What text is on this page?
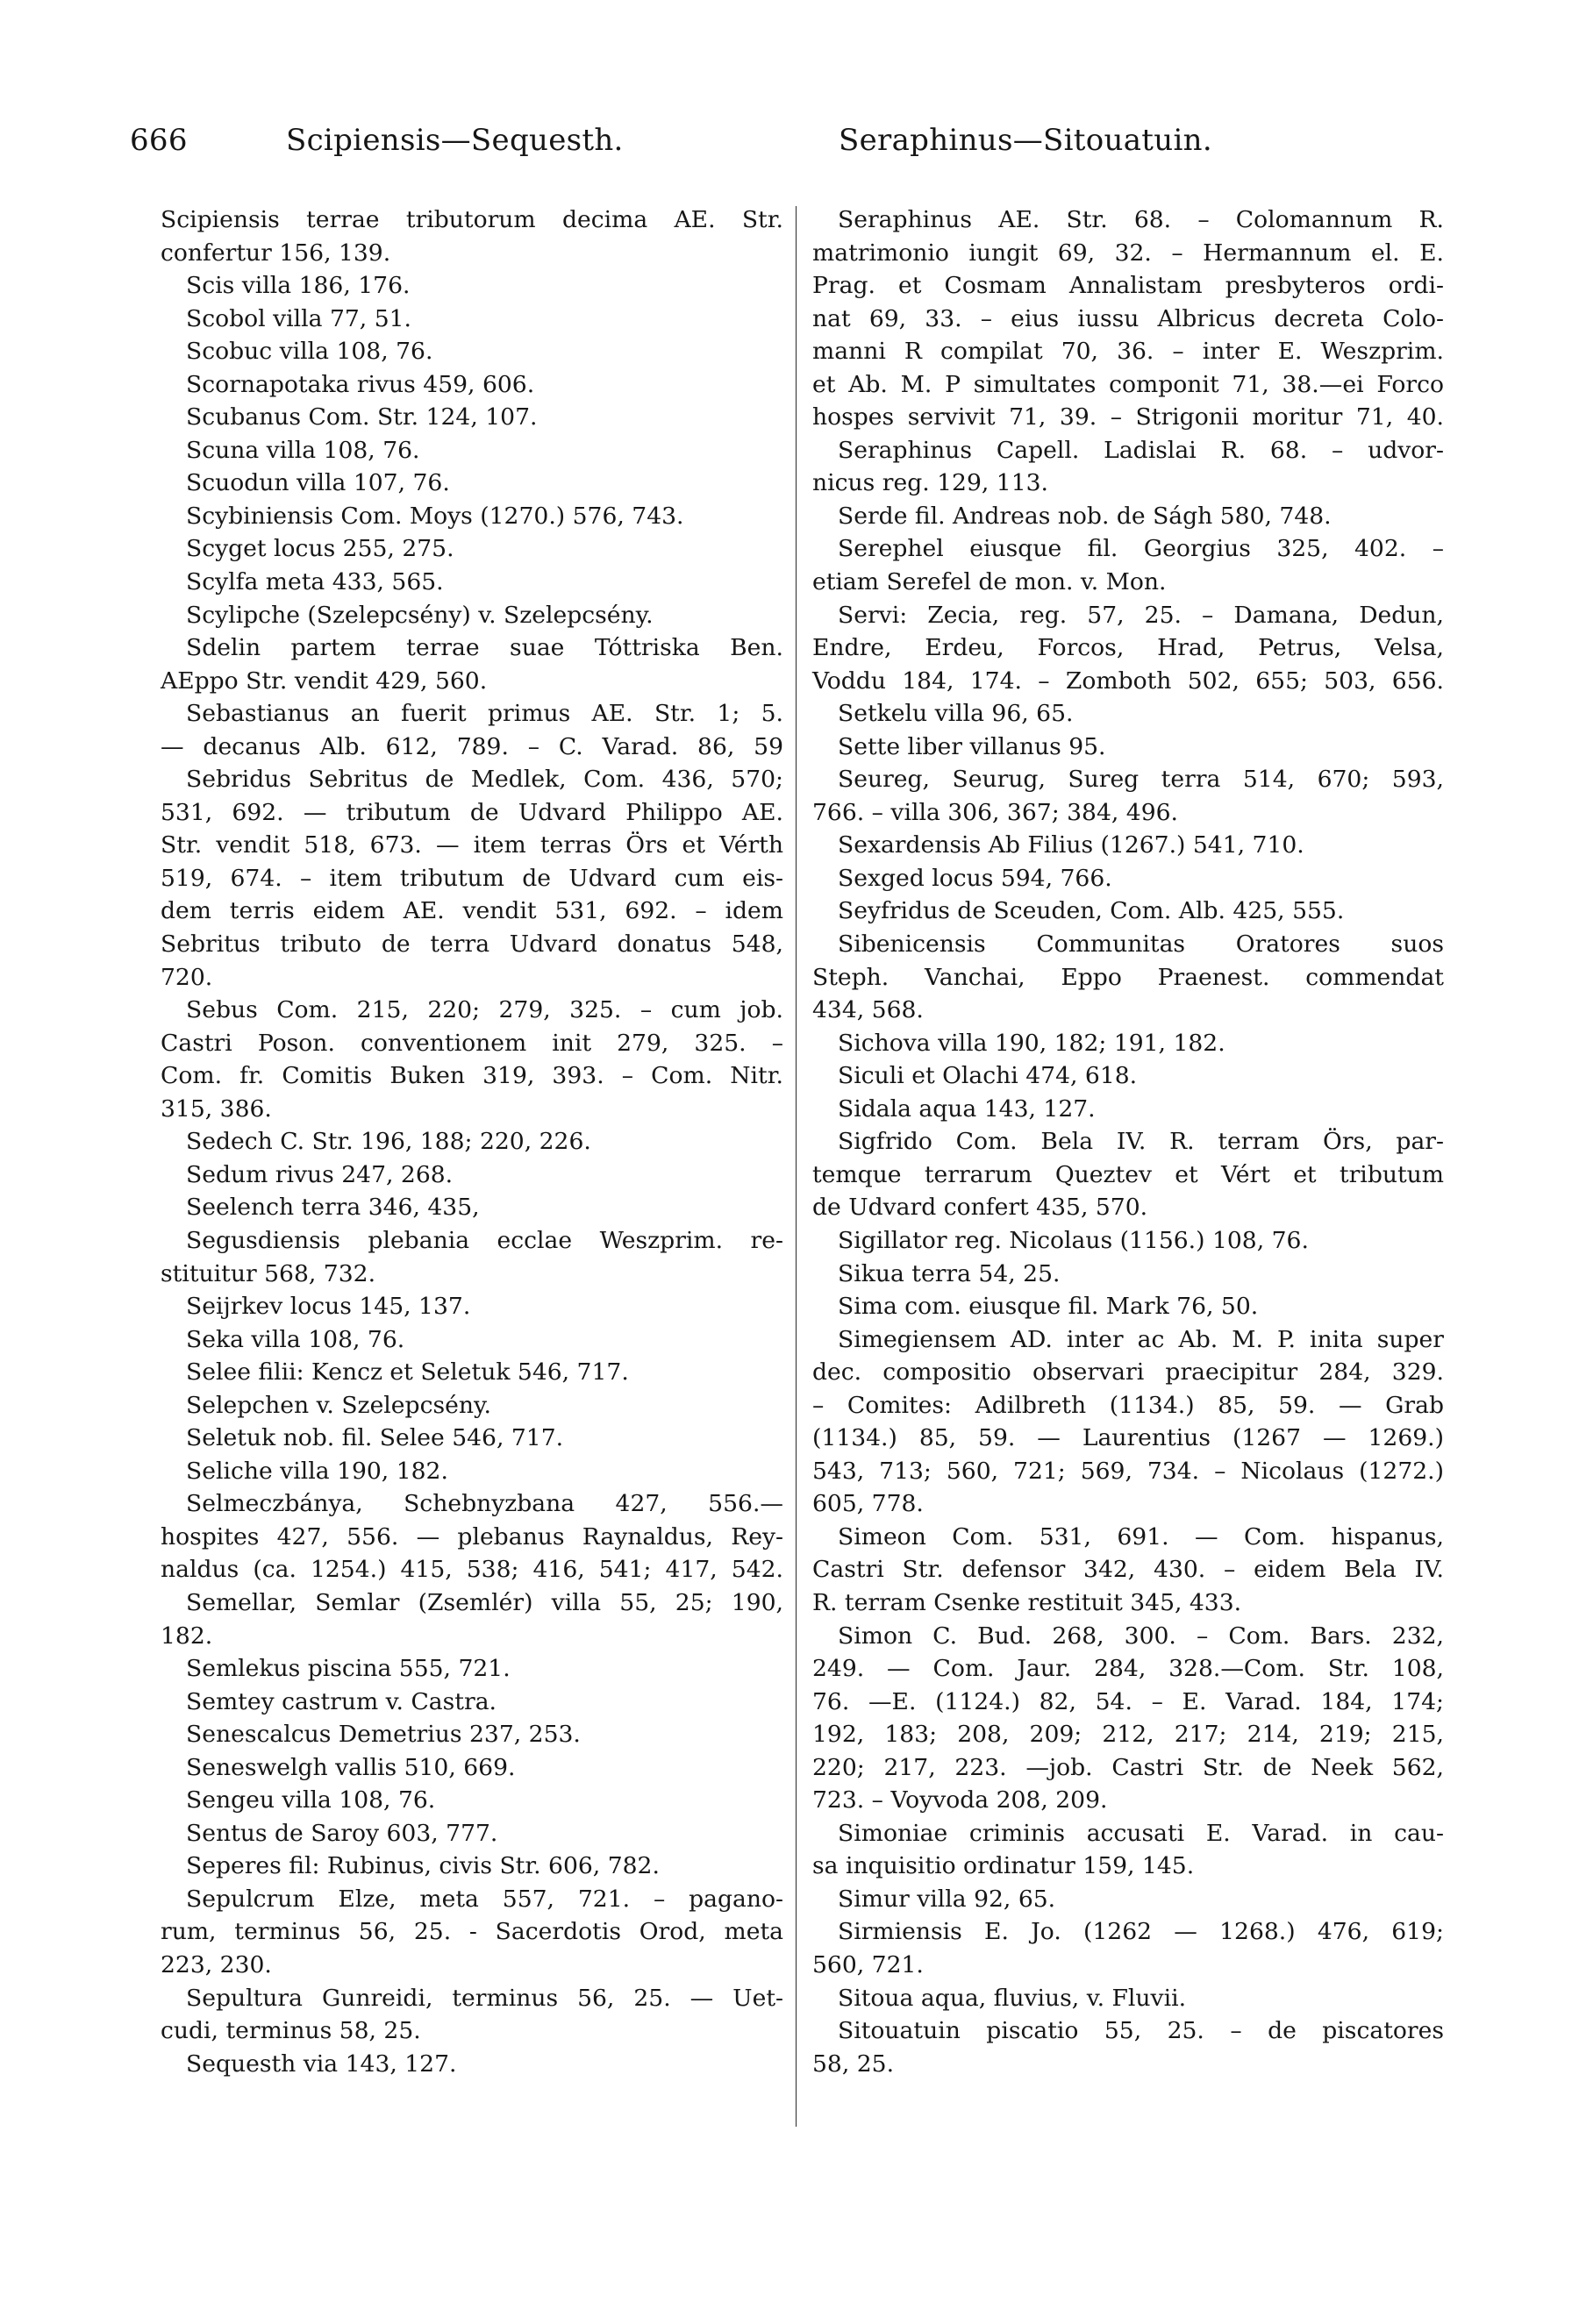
666	Scipiensis—Sequesth.	Seraphinus—Sitouatuin.
Scipiensis terrae tributorum decima AE. Str.
confertur 156, 139.
Scis villa 186, 176.
Scobol villa 77, 51.
Scobuc villa 108, 76.
Scornapotaka rivus 459, 606.
Scubanus Com. Str. 124, 107.
Scuna villa 108, 76.
Scuodun villa 107, 76.
Scybiniensis Com. Moys (1270.) 576, 743.
Scyget locus 255, 275.
Scylfa meta 433, 565.
Scylipche (Szelepcsény) v. Szelepcsény.
Sdelin partem terrae suae Tóttriska Ben.
AEppo Str. vendit 429, 560.
Sebastianus an fuerit primus AE. Str. 1; 5.
— decanus Alb. 612, 789. – C. Varad. 86, 59
Sebridus Sebritus de Medlek, Com. 436, 570;
531, 692. — tributum de Udvard Philippo AE.
Str. vendit 518, 673. — item terras Örs et Vérth
519, 674. – item tributum de Udvard cum eis-
dem terris eidem AE. vendit 531, 692. – idem
Sebritus tributo de terra Udvard donatus 548,
720.
Sebus Com. 215, 220; 279, 325. – cum job.
Castri Poson. conventionem init 279, 325. –
Com. fr. Comitis Buken 319, 393. – Com. Nitr.
315, 386.
Sedech C. Str. 196, 188; 220, 226.
Sedum rivus 247, 268.
Seelench terra 346, 435,
Segusdiensis plebania ecclae Weszprim. re-
stituitur 568, 732.
Seijrkev locus 145, 137.
Seka villa 108, 76.
Selee filii: Kencz et Seletuk 546, 717.
Selepchen v. Szelepcsény.
Seletuk nob. fil. Selee 546, 717.
Seliche villa 190, 182.
Selmeczbánya, Schebnyzbana 427, 556.—
hospites 427, 556. — plebanus Raynaldus, Rey-
naldus (ca. 1254.) 415, 538; 416, 541; 417, 542.
Semellar, Semlar (Zsemlér) villa 55, 25; 190,
182.
Semlekus piscina 555, 721.
Semtey castrum v. Castra.
Senescalcus Demetrius 237, 253.
Seneswelgh vallis 510, 669.
Sengeu villa 108, 76.
Sentus de Saroy 603, 777.
Seperes fil: Rubinus, civis Str. 606, 782.
Sepulcrum Elze, meta 557, 721. – pagano-
rum, terminus 56, 25. - Sacerdotis Orod, meta
223, 230.
Sepultura Gunreidi, terminus 56, 25. — Uet-
cudi, terminus 58, 25.
Sequesth via 143, 127.
Seraphinus AE. Str. 68. – Colomannum R.
matrimonio iungit 69, 32. – Hermannum el. E.
Prag. et Cosmam Annalistam presbyteros ordi-
nat 69, 33. – eius iussu Albricus decreta Colo-
manni R compilat 70, 36. – inter E. Weszprim.
et Ab. M. P simultates componit 71, 38.—ei Forco
hospes servivit 71, 39. – Strigonii moritur 71, 40.
Seraphinus Capell. Ladislai R. 68. – udvor-
nicus reg. 129, 113.
Serde fil. Andreas nob. de Ságh 580, 748.
Serephel eiusque fil. Georgius 325, 402. –
etiam Serefel de mon. v. Mon.
Servi: Zecia, reg. 57, 25. – Damana, Dedun,
Endre, Erdeu, Forcos, Hrad, Petrus, Velsa,
Voddu 184, 174. – Zomboth 502, 655; 503, 656.
Setkelu villa 96, 65.
Sette liber villanus 95.
Seureg, Seurug, Sureg terra 514, 670; 593,
766. – villa 306, 367; 384, 496.
Sexardensis Ab Filius (1267.) 541, 710.
Sexged locus 594, 766.
Seyfridus de Sceuden, Com. Alb. 425, 555.
Sibenicensis Communitas Oratores suos
Steph. Vanchai, Eppo Praenest. commendat
434, 568.
Sichova villa 190, 182; 191, 182.
Siculi et Olachi 474, 618.
Sidala aqua 143, 127.
Sigfrido Com. Bela IV. R. terram Örs, par-
temque terrarum Queztev et Vért et tributum
de Udvard confert 435, 570.
Sigillator reg. Nicolaus (1156.) 108, 76.
Sikua terra 54, 25.
Sima com. eiusque fil. Mark 76, 50.
Simegiensem AD. inter ac Ab. M. P. inita super
dec. compositio observari praecipitur 284, 329.
– Comites: Adilbreth (1134.) 85, 59. — Grab
(1134.) 85, 59. — Laurentius (1267 — 1269.)
543, 713; 560, 721; 569, 734. – Nicolaus (1272.)
605, 778.
Simeon Com. 531, 691. — Com. hispanus,
Castri Str. defensor 342, 430. – eidem Bela IV.
R. terram Csenke restituit 345, 433.
Simon C. Bud. 268, 300. – Com. Bars. 232,
249. — Com. Jaur. 284, 328.—Com. Str. 108,
76. —E. (1124.) 82, 54. – E. Varad. 184, 174;
192, 183; 208, 209; 212, 217; 214, 219; 215,
220; 217, 223. —job. Castri Str. de Neek 562,
723. – Voyvoda 208, 209.
Simoniae criminis accusati E. Varad. in cau-
sa inquisitio ordinatur 159, 145.
Simur villa 92, 65.
Sirmiensis E. Jo. (1262 — 1268.) 476, 619;
560, 721.
Sitoua aqua, fluvius, v. Fluvii.
Sitouatuin piscatio 55, 25. – de piscatores
58, 25.
